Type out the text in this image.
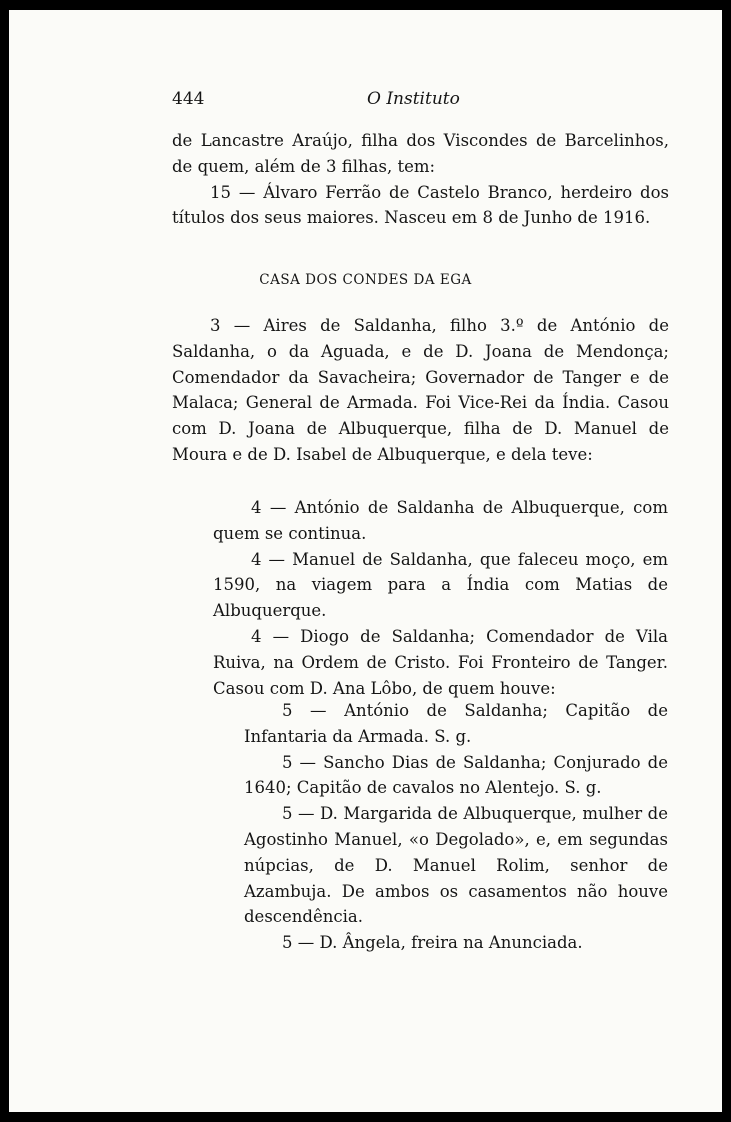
444	O Instituto

de Lancastre Araújo, filha dos Viscondes de Barcelinhos, de quem, além de 3 filhas, tem:

15 — Álvaro Ferrão de Castelo Branco, herdeiro dos títulos dos seus maiores. Nasceu em 8 de Junho de 1916.

CASA DOS CONDES DA EGA

3 — Aires de Saldanha, filho 3.º de António de Saldanha, o da Aguada, e de D. Joana de Mendonça; Comendador da Savacheira; Governador de Tanger e de Malaca; General de Armada. Foi Vice-Rei da Índia. Casou com D. Joana de Albuquerque, filha de D. Manuel de Moura e de D. Isabel de Albuquerque, e dela teve:

4 — António de Saldanha de Albuquerque, com quem se continua.

4 — Manuel de Saldanha, que faleceu moço, em 1590, na viagem para a Índia com Matias de Albuquerque.

4 — Diogo de Saldanha; Comendador de Vila Ruiva, na Ordem de Cristo. Foi Fronteiro de Tanger. Casou com D. Ana Lôbo, de quem houve:

5 — António de Saldanha; Capitão de Infantaria da Armada. S. g.

5 — Sancho Dias de Saldanha; Conjurado de 1640; Capitão de cavalos no Alentejo. S. g.

5 — D. Margarida de Albuquerque, mulher de Agostinho Manuel, «o Degolado», e, em segundas núpcias, de D. Manuel Rolim, senhor de Azambuja. De ambos os casamentos não houve descendência.

5 — D. Ângela, freira na Anunciada.
